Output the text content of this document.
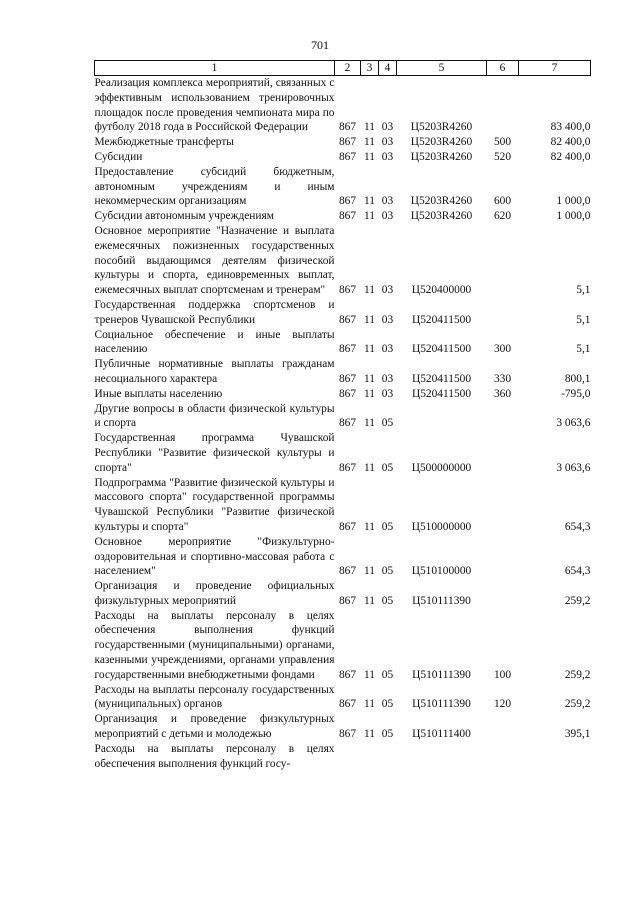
701
1	2	3	4	5	6	7
Реализация комплекса мероприятий, связанных с эффективным использованием тренировочных площадок после проведения чемпионата мира по футболу 2018 года в Российской Федерации	867	11	03	Ц5203R4260		83 400,0
Межбюджетные трансферты	867	11	03	Ц5203R4260	500	82 400,0
Субсидии	867	11	03	Ц5203R4260	520	82 400,0
Предоставление субсидий бюджетным, автономным учреждениям и иным некоммерческим организациям	867	11	03	Ц5203R4260	600	1 000,0
Субсидии автономным учреждениям	867	11	03	Ц5203R4260	620	1 000,0
Основное мероприятие "Назначение и выплата ежемесячных пожизненных государственных пособий выдающимся деятелям физической культуры и спорта, единовременных выплат, ежемесячных выплат спортсменам и тренерам"	867	11	03	Ц520400000		5,1
Государственная поддержка спортсменов и тренеров Чувашской Республики	867	11	03	Ц520411500		5,1
Социальное обеспечение и иные выплаты населению	867	11	03	Ц520411500	300	5,1
Публичные нормативные выплаты гражданам несоциального характера	867	11	03	Ц520411500	330	800,1
Иные выплаты населению	867	11	03	Ц520411500	360	-795,0
Другие вопросы в области физической культуры и спорта	867	11	05			3 063,6
Государственная программа Чувашской Республики "Развитие физической культуры и спорта"	867	11	05	Ц500000000		3 063,6
Подпрограмма "Развитие физической культуры и массового спорта" государственной программы Чувашской Республики "Развитие физической культуры и спорта"	867	11	05	Ц510000000		654,3
Основное мероприятие "Физкультурно-оздоровительная и спортивно-массовая работа с населением"	867	11	05	Ц510100000		654,3
Организация и проведение официальных физкультурных мероприятий	867	11	05	Ц510111390		259,2
Расходы на выплаты персоналу в целях обеспечения выполнения функций государственными (муниципальными) органами, казенными учреждениями, органами управления государственными внебюджетными фондами	867	11	05	Ц510111390	100	259,2
Расходы на выплаты персоналу государственных (муниципальных) органов	867	11	05	Ц510111390	120	259,2
Организация и проведение физкультурных мероприятий с детьми и молодежью	867	11	05	Ц510111400		395,1
Расходы на выплаты персоналу в целях обеспечения выполнения функций госу-						
